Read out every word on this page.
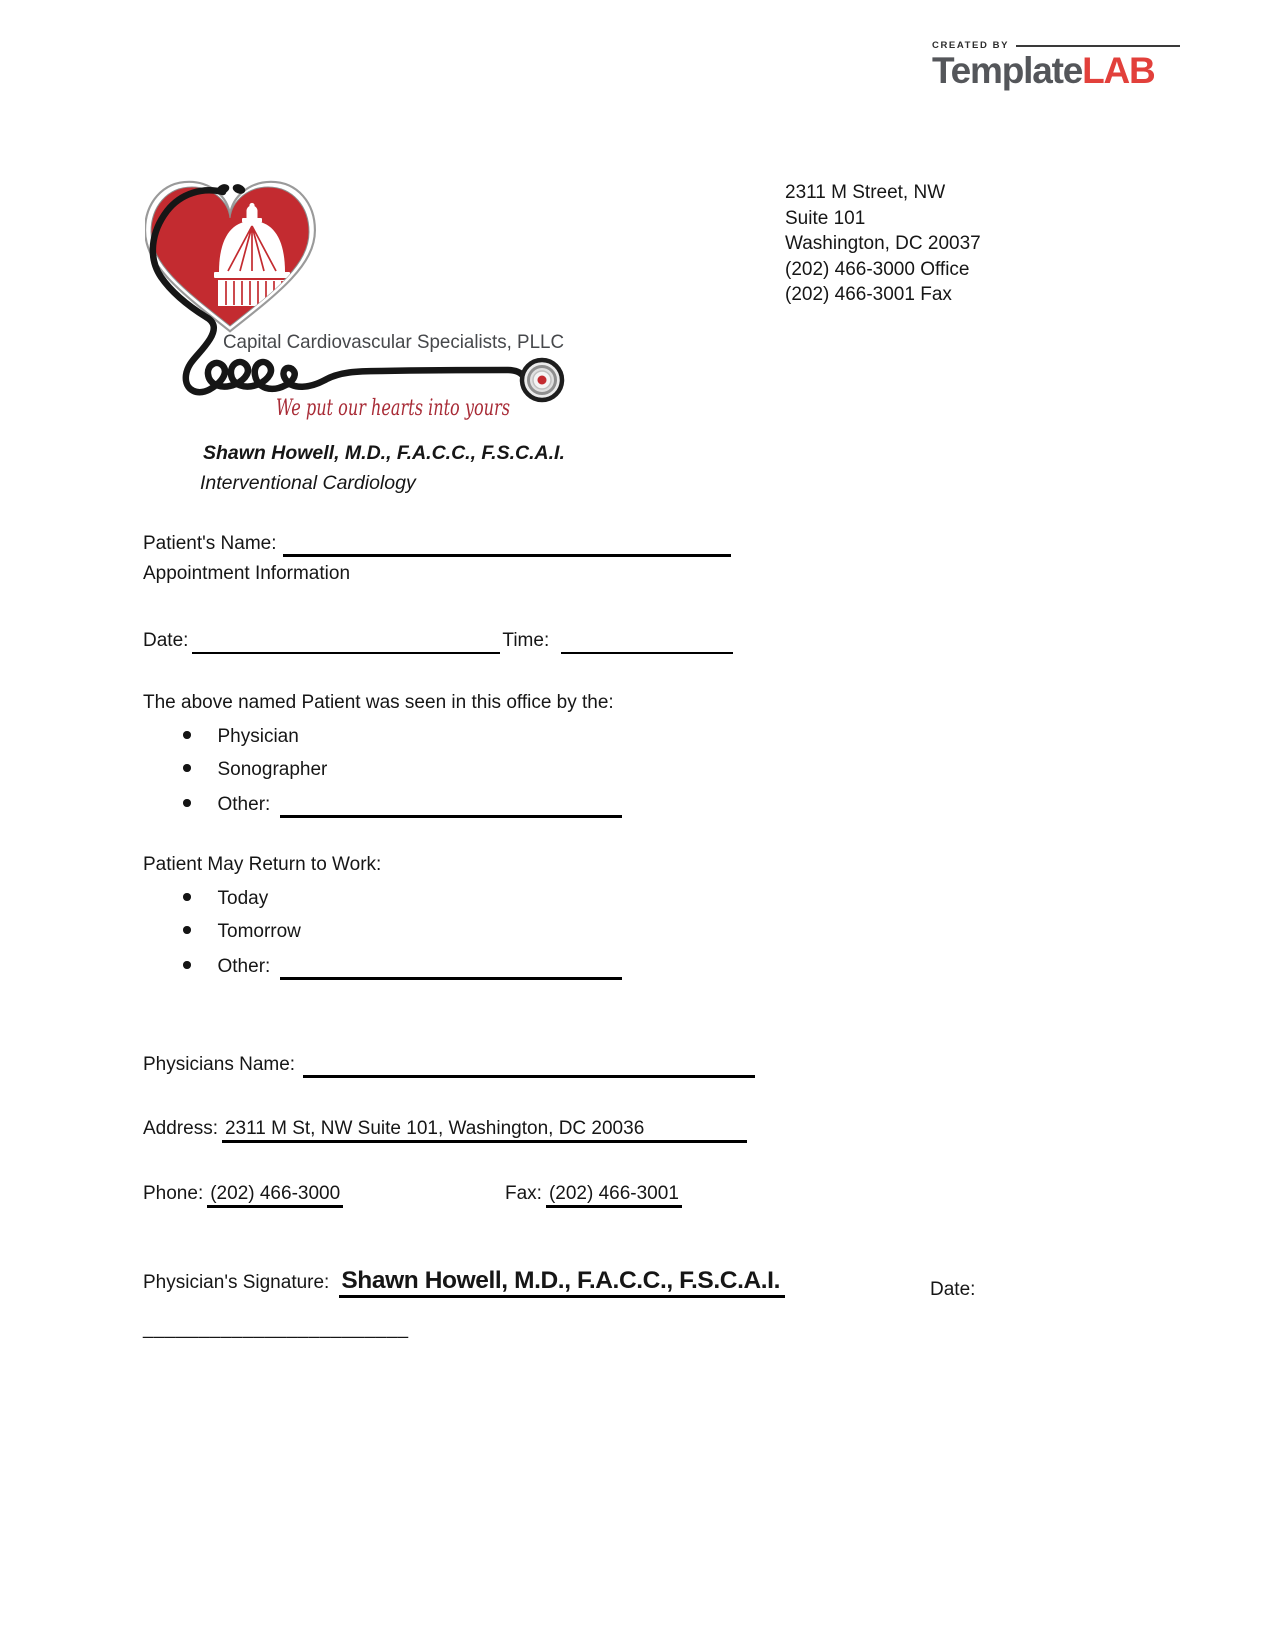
CREATED BY
TemplateLAB
Capital Cardiovascular Specialists, PLLC
We put our hearts into yours
2311 M Street, NW
Suite 101
Washington, DC 20037
(202) 466-3000 Office
(202) 466-3001 Fax
Shawn Howell, M.D., F.A.C.C., F.S.C.A.I.
Interventional Cardiology
Patient's Name:
Appointment Information
Date:	Time:
The above named Patient was seen in this office by the:
Physician
Sonographer
Other:
Patient May Return to Work:
Today
Tomorrow
Other:
Physicians Name:
Address: 2311 M St, NW Suite 101, Washington, DC 20036
Phone: (202) 466-3000	Fax: (202) 466-3001
Physician's Signature: Shawn Howell, M.D., F.A.C.C., F.S.C.A.I.	Date:
________________________
